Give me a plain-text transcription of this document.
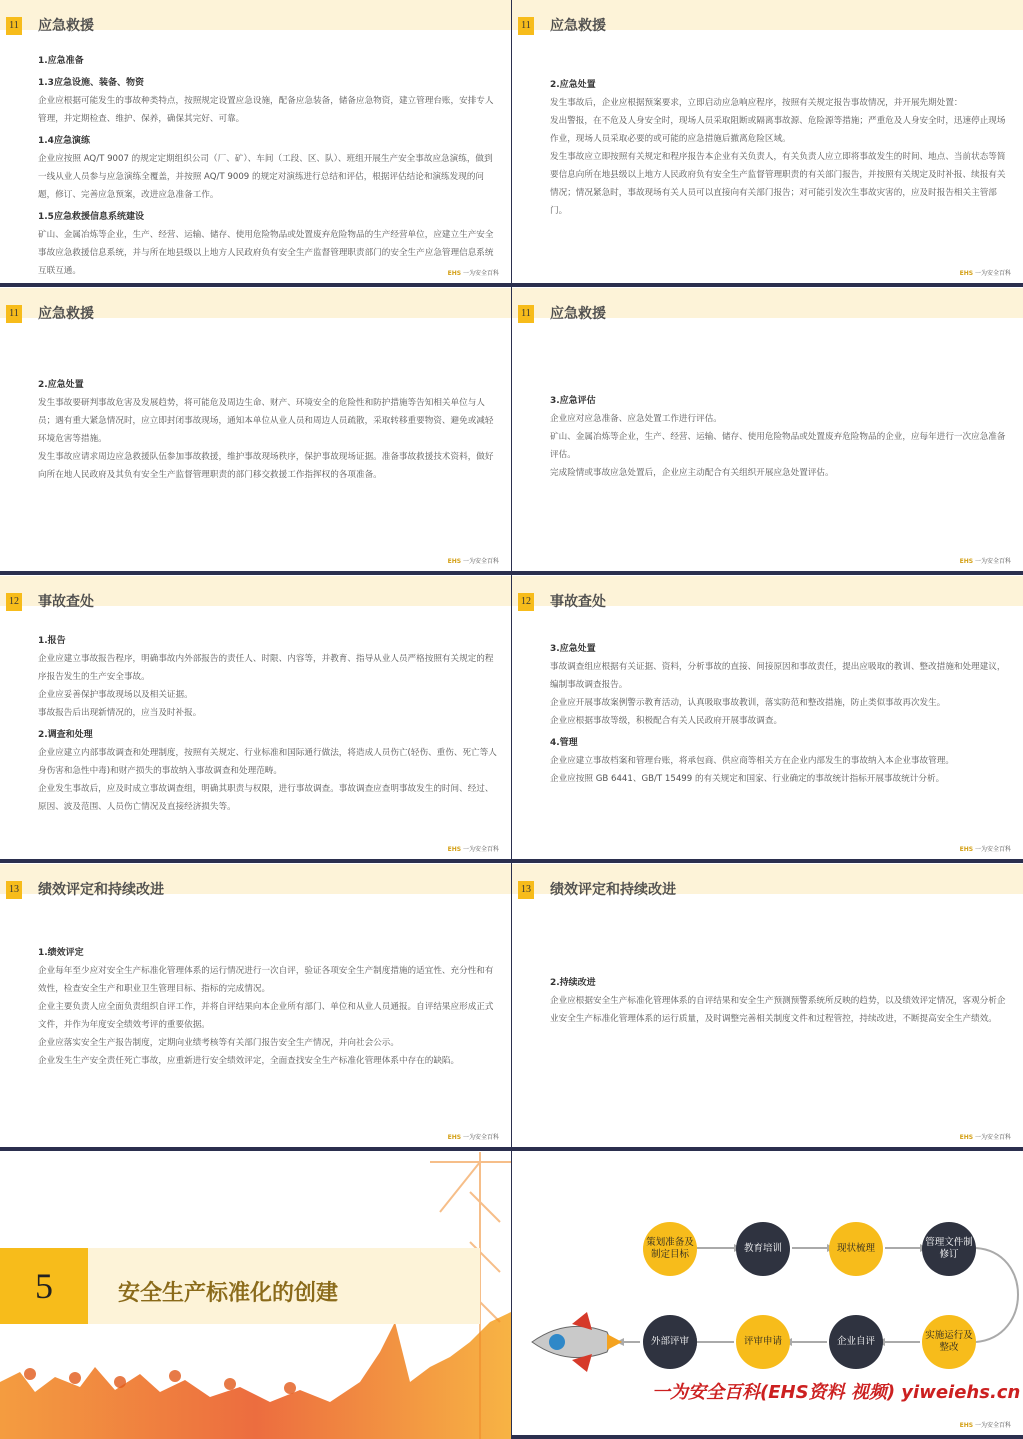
11 应急救援

1.应急准备

1.3应急设施、装备、物资

企业应根据可能发生的事故种类特点，按照规定设置应急设施，配备应急装备，储备应急物资，建立管理台账，安排专人管理，并定期检查、维护、保养，确保其完好、可靠。

1.4应急演练

企业应按照 AQ/T 9007 的规定定期组织公司（厂、矿）、车间（工段、区、队）、班组开展生产安全事故应急演练，做到一线从业人员参与应急演练全覆盖，并按照 AQ/T 9009 的规定对演练进行总结和评估，根据评估结论和演练发现的问题，修订、完善应急预案，改进应急准备工作。

1.5应急救援信息系统建设

矿山、金属冶炼等企业，生产、经营、运输、储存、使用危险物品或处置废弃危险物品的生产经营单位，应建立生产安全事故应急救援信息系统，并与所在地县级以上地方人民政府负有安全生产监督管理职责部门的安全生产应急管理信息系统互联互通。	EHS 一为安全百科
11 应急救援

2.应急处置

发生事故后，企业应根据预案要求，立即启动应急响应程序，按照有关规定报告事故情况，并开展先期处置：

发出警报，在不危及人身安全时，现场人员采取阻断或隔离事故源、危险源等措施；严重危及人身安全时，迅速停止现场作业，现场人员采取必要的或可能的应急措施后撤离危险区域。

发生事故应立即按照有关规定和程序报告本企业有关负责人，有关负责人应立即将事故发生的时间、地点、当前状态等简要信息向所在地县级以上地方人民政府负有安全生产监督管理职责的有关部门报告，并按照有关规定及时补报、续报有关情况；情况紧急时，事故现场有关人员可以直接向有关部门报告；对可能引发次生事故灾害的，应及时报告相关主管部门。

EHS 一为安全百科
11 应急救援

2.应急处置

发生事故要研判事故危害及发展趋势，将可能危及周边生命、财产、环境安全的危险性和防护措施等告知相关单位与人员；遇有重大紧急情况时，应立即封闭事故现场，通知本单位从业人员和周边人员疏散，采取转移重要物资、避免或减轻环境危害等措施。

发生事故应请求周边应急救援队伍参加事故救援，维护事故现场秩序，保护事故现场证据。准备事故救援技术资料，做好向所在地人民政府及其负有安全生产监督管理职责的部门移交救援工作指挥权的各项准备。

EHS 一为安全百科
11 应急救援

3.应急评估

企业应对应急准备、应急处置工作进行评估。

矿山、金属冶炼等企业，生产、经营、运输、储存、使用危险物品或处置废弃危险物品的企业，应每年进行一次应急准备评估。

完成险情或事故应急处置后，企业应主动配合有关组织开展应急处置评估。

EHS 一为安全百科
12 事故查处

1.报告

企业应建立事故报告程序，明确事故内外部报告的责任人、时限、内容等，并教育、指导从业人员严格按照有关规定的程序报告发生的生产安全事故。

企业应妥善保护事故现场以及相关证据。

事故报告后出现新情况的，应当及时补报。

2.调查和处理

企业应建立内部事故调查和处理制度，按照有关规定、行业标准和国际通行做法，将造成人员伤亡(轻伤、重伤、死亡等人身伤害和急性中毒)和财产损失的事故纳入事故调查和处理范畴。

企业发生事故后，应及时成立事故调查组，明确其职责与权限，进行事故调查。事故调查应查明事故发生的时间、经过、原因、波及范围、人员伤亡情况及直接经济损失等。

EHS 一为安全百科
12 事故查处

3.应急处置

事故调查组应根据有关证据、资料，分析事故的直接、间接原因和事故责任，提出应吸取的教训、整改措施和处理建议，编制事故调查报告。

企业应开展事故案例警示教育活动，认真吸取事故教训，落实防范和整改措施，防止类似事故再次发生。

企业应根据事故等级，积极配合有关人民政府开展事故调查。

4.管理

企业应建立事故档案和管理台账，将承包商、供应商等相关方在企业内部发生的事故纳入本企业事故管理。

企业应按照 GB 6441、GB/T 15499 的有关规定和国家、行业确定的事故统计指标开展事故统计分析。

EHS 一为安全百科
13 绩效评定和持续改进

1.绩效评定

企业每年至少应对安全生产标准化管理体系的运行情况进行一次自评，验证各项安全生产制度措施的适宜性、充分性和有效性，检查安全生产和职业卫生管理目标、指标的完成情况。

企业主要负责人应全面负责组织自评工作，并将自评结果向本企业所有部门、单位和从业人员通报。自评结果应形成正式文件，并作为年度安全绩效考评的重要依据。

企业应落实安全生产报告制度，定期向业绩考核等有关部门报告安全生产情况，并向社会公示。

企业发生生产安全责任死亡事故，应重新进行安全绩效评定，全面查找安全生产标准化管理体系中存在的缺陷。

EHS 一为安全百科
13 绩效评定和持续改进

2.持续改进

企业应根据安全生产标准化管理体系的自评结果和安全生产预测预警系统所反映的趋势，以及绩效评定情况，客观分析企业安全生产标准化管理体系的运行质量，及时调整完善相关制度文件和过程管控，持续改进，不断提高安全生产绩效。

EHS 一为安全百科
5	安全生产标准化的创建
策划准备及制定目标
教育培训	现状梳理
管理文件制修订
实施运行及整改
企业自评
评审申请
外部评审
一为安全百科(EHS资料 视频) yiweiehs.cn
EHS 一为安全百科
